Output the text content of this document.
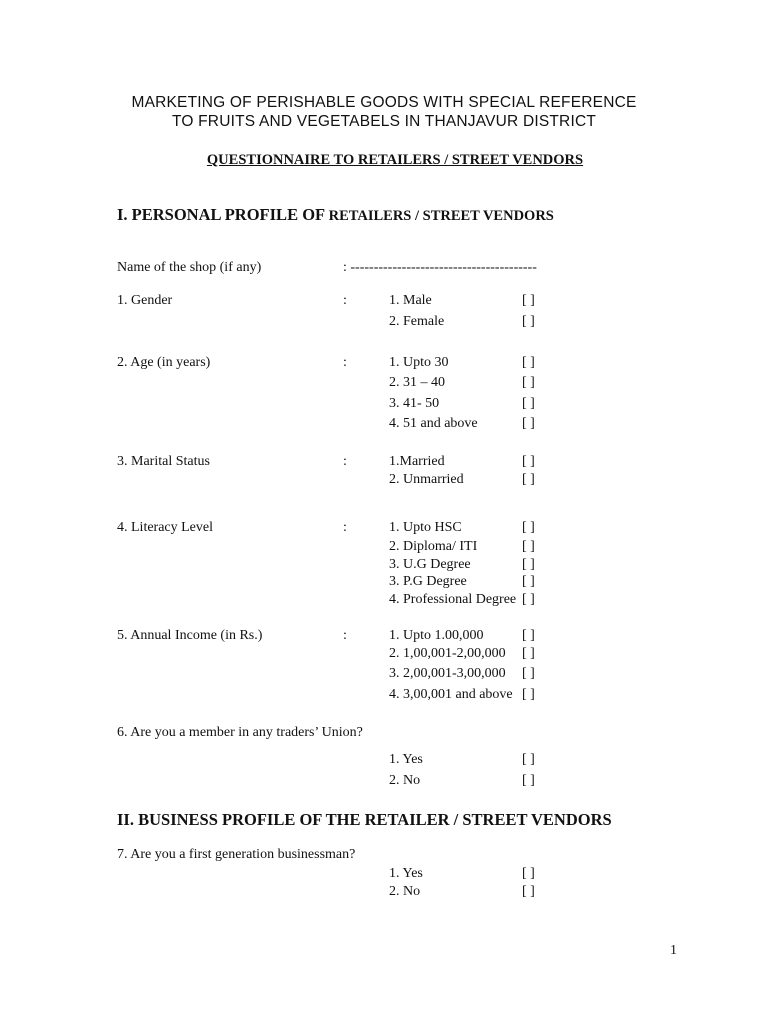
MARKETING OF PERISHABLE GOODS WITH SPECIAL REFERENCE
TO FRUITS AND VEGETABELS IN THANJAVUR DISTRICT
QUESTIONNAIRE TO RETAILERS / STREET VENDORS
I. PERSONAL PROFILE OF RETAILERS / STREET VENDORS
Name of the shop (if any)	: ----------------------------------------
1. Gender	:	1. Male	[ ]
2. Female	[ ]
2. Age (in years)	:	1. Upto 30	[ ]
2. 31 – 40	[ ]
3. 41- 50	[ ]
4. 51 and above	[ ]
3. Marital Status	:	1.Married	[ ]
2. Unmarried	[ ]
4. Literacy Level	:	1. Upto HSC	[ ]
2. Diploma/ ITI	[ ]
3. U.G Degree	[ ]
3. P.G Degree	[ ]
4. Professional Degree [ ]
5. Annual Income (in Rs.)	:	1. Upto 1.00,000	[ ]
2. 1,00,001-2,00,000 [ ]
3. 2,00,001-3,00,000 [ ]
4. 3,00,001 and above [ ]
6. Are you a member in any traders’ Union?
1. Yes	[ ]
2. No	[ ]
II. BUSINESS PROFILE OF THE RETAILER / STREET VENDORS
7. Are you a first generation businessman?
1. Yes	[ ]
2. No	[ ]
1
